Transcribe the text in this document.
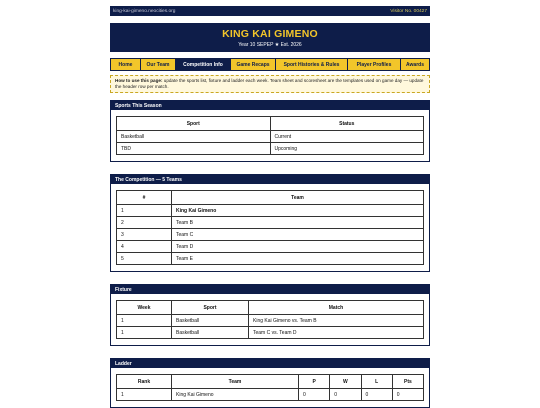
king-kai-gimeno.neocities.org	Visitor No. 00427
KING KAI GIMENO
Year 10 SEPEP ★ Est. 2026
Home	Our Team	Competition Info	Game Recaps	Sport Histories & Rules	Player Profiles	Awards
How to use this page: update the sports list, fixture and ladder each week. Team sheet and scoresheet are the templates used on game day — update the header row per match.
Sports This Season
Sport	Status
Basketball	Current
TBD	Upcoming
The Competition — 5 Teams
#	Team
1	King Kai Gimeno
2	Team B
3	Team C
4	Team D
5	Team E
Fixture
Week	Sport	Match
1	Basketball	King Kai Gimeno vs. Team B
1	Basketball	Team C vs. Team D
Ladder
Rank	Team	P	W	L	Pts
1	King Kai Gimeno	0	0	0	0
